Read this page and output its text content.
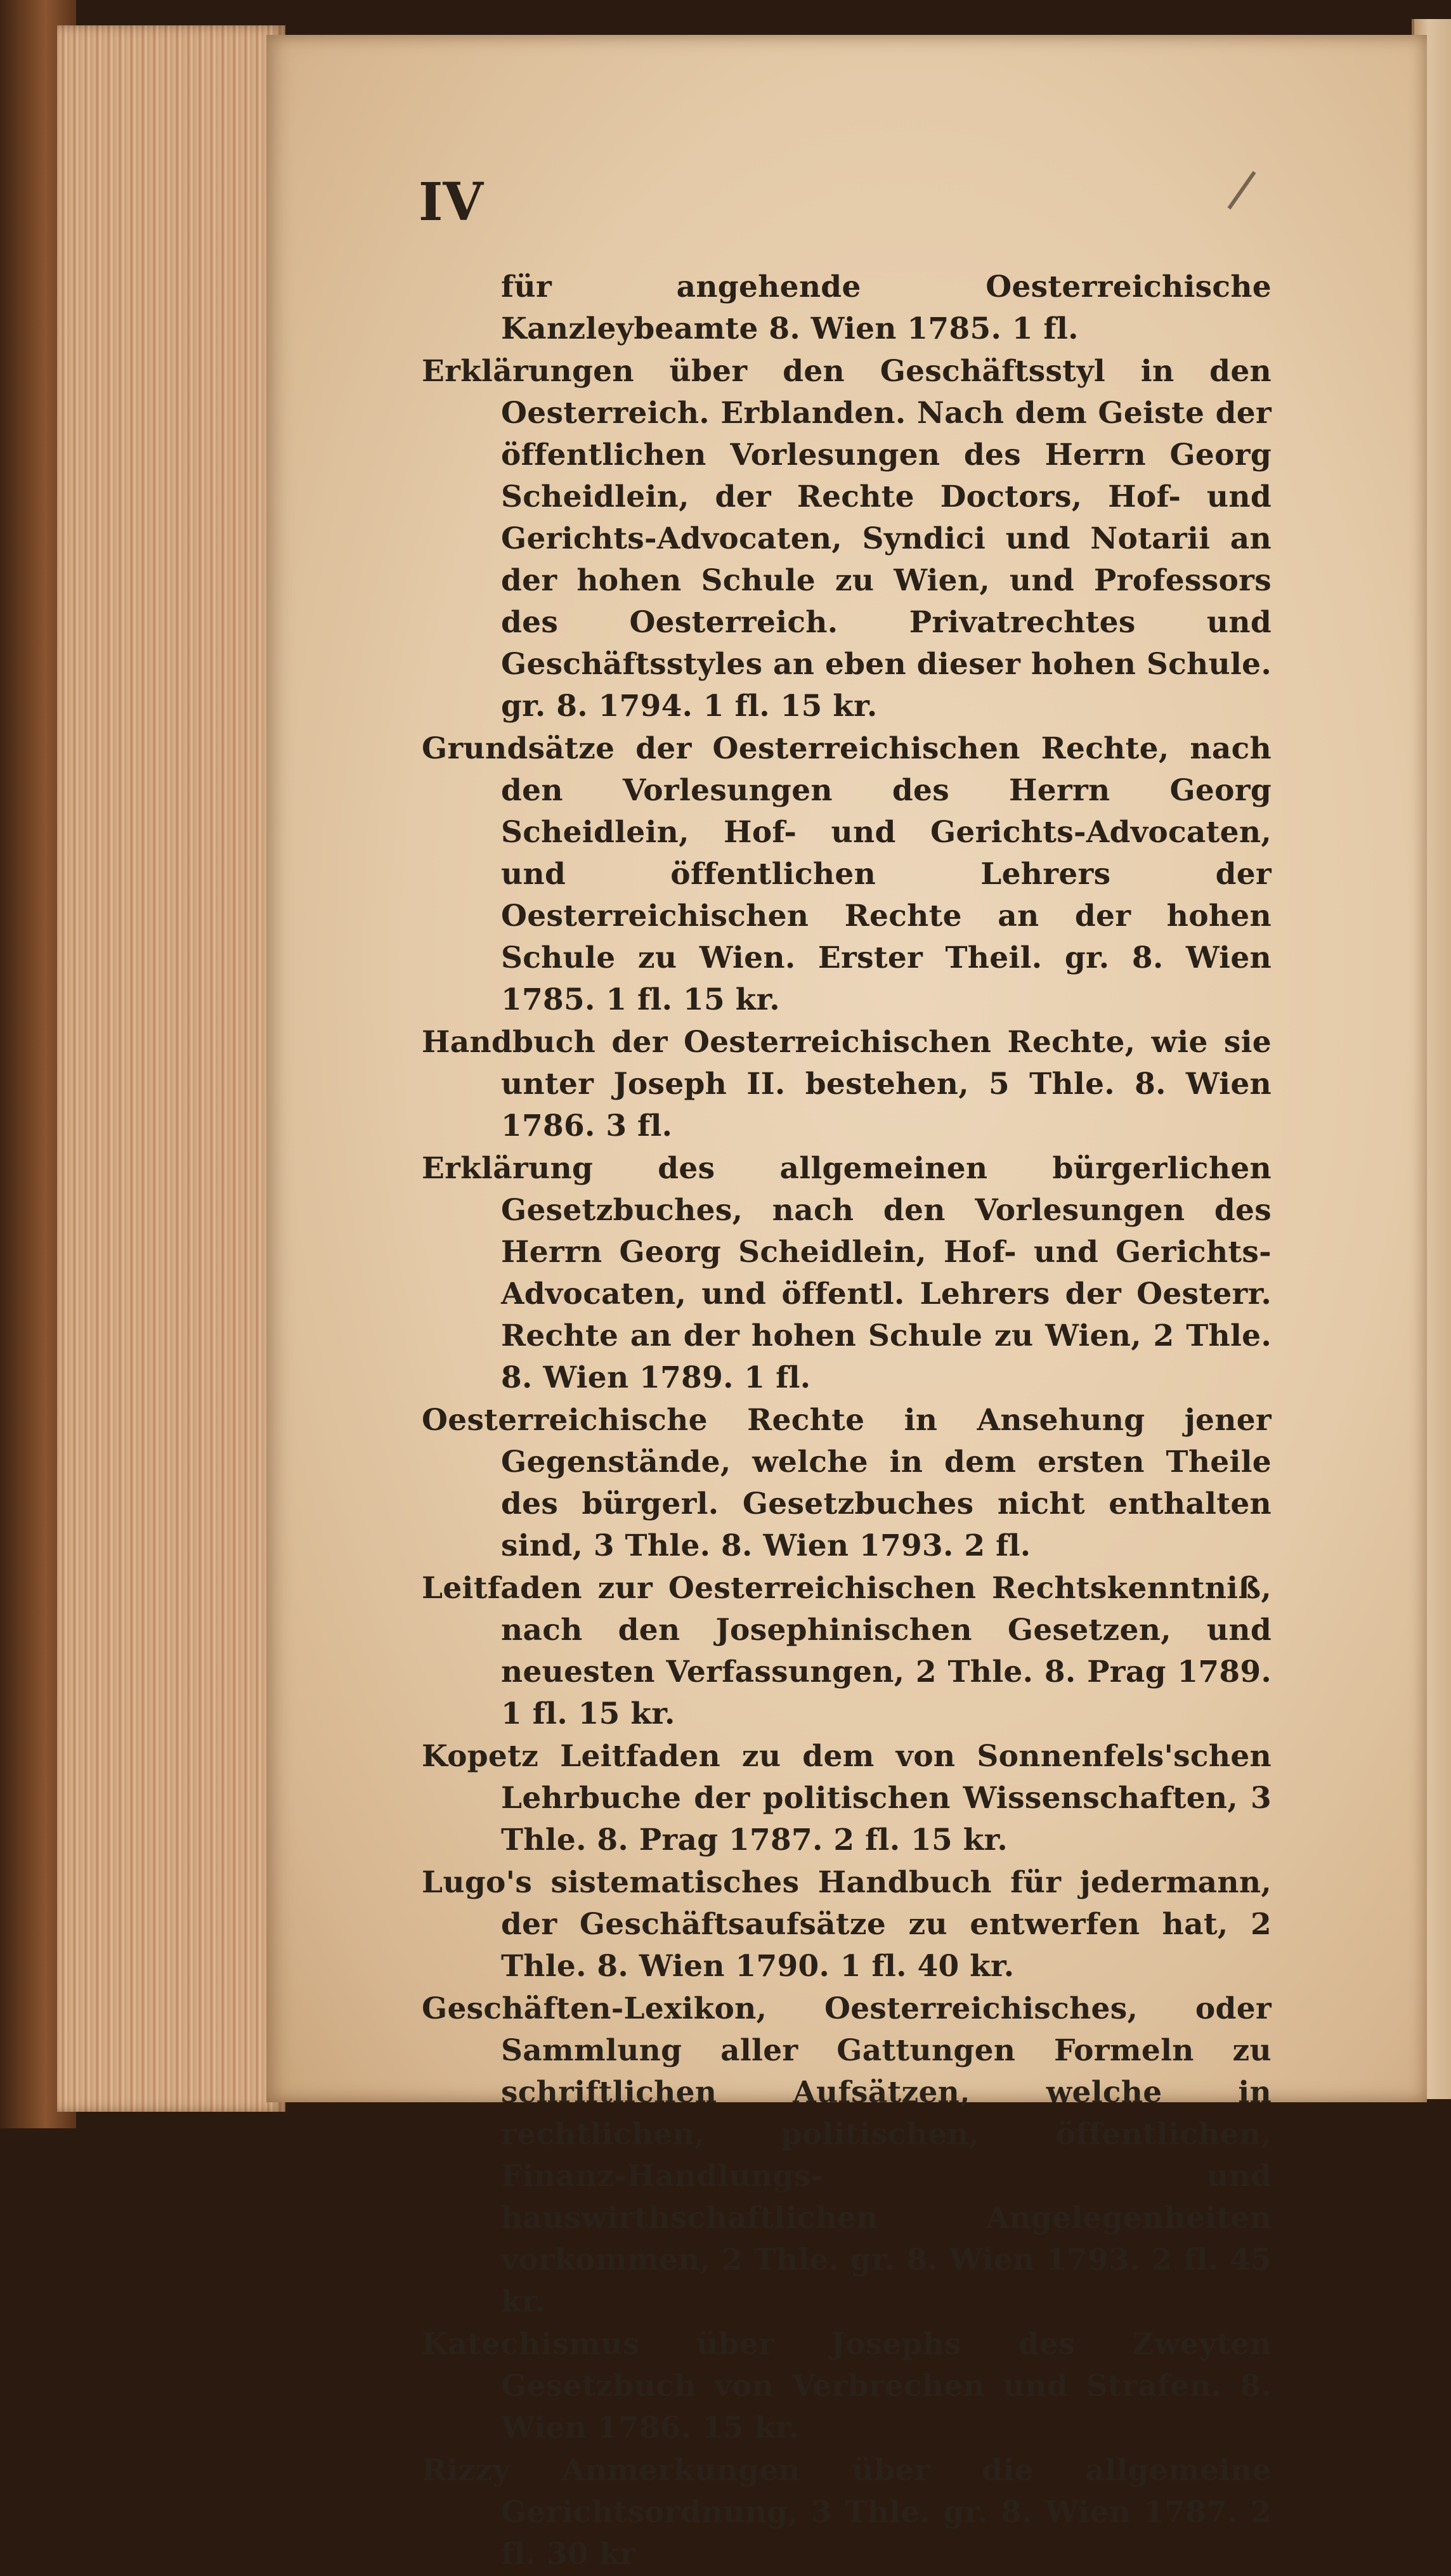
IV

für angehende Oesterreichische Kanzleybeamte 8. Wien 1785. 1 fl.

Erklärungen über den Geschäftsstyl in den Oesterreich. Erblanden. Nach dem Geiste der öffentlichen Vorlesungen des Herrn Georg Scheidlein, der Rechte Doctors, Hof- und Gerichts-Advocaten, Syndici und Notarii an der hohen Schule zu Wien, und Professors des Oesterreich. Privatrechtes und Geschäftsstyles an eben dieser hohen Schule. gr. 8. 1794. 1 fl. 15 kr.

Grundsätze der Oesterreichischen Rechte, nach den Vorlesungen des Herrn Georg Scheidlein, Hof- und Gerichts-Advocaten, und öffentlichen Lehrers der Oesterreichischen Rechte an der hohen Schule zu Wien. Erster Theil. gr. 8. Wien 1785. 1 fl. 15 kr.

Handbuch der Oesterreichischen Rechte, wie sie unter Joseph II. bestehen, 5 Thle. 8. Wien 1786. 3 fl.

Erklärung des allgemeinen bürgerlichen Gesetzbuches, nach den Vorlesungen des Herrn Georg Scheidlein, Hof- und Gerichts-Advocaten, und öffentl. Lehrers der Oesterr. Rechte an der hohen Schule zu Wien, 2 Thle. 8. Wien 1789. 1 fl.

Oesterreichische Rechte in Ansehung jener Gegenstände, welche in dem ersten Theile des bürgerl. Gesetzbuches nicht enthalten sind, 3 Thle. 8. Wien 1793. 2 fl.

Leitfaden zur Oesterreichischen Rechtskenntniß, nach den Josephinischen Gesetzen, und neuesten Verfassungen, 2 Thle. 8. Prag 1789. 1 fl. 15 kr.

Kopetz Leitfaden zu dem von Sonnenfels'schen Lehrbuche der politischen Wissenschaften, 3 Thle. 8. Prag 1787. 2 fl. 15 kr.

Lugo's sistematisches Handbuch für jedermann, der Geschäftsaufsätze zu entwerfen hat, 2 Thle. 8. Wien 1790. 1 fl. 40 kr.

Geschäften-Lexikon, Oesterreichisches, oder Sammlung aller Gattungen Formeln zu schriftlichen Aufsätzen, welche in rechtlichen, politischen, öffentlichen, Finanz-Handlungs- und hauswirthschaftlichen Angelegenheiten vorkommen, 2 Thle. gr. 8. Wien 1793. 2 fl. 45 kr.

Katechismus über Josephs des Zweyten Gesetzbuch von Verbrechen und Strafen. 8. Wien 1786. 15 kr.

Rizzy Anmerkungen über die allgemeine Gerichtsordnung, 3 Thle. gr. 8. Wien 1787. 2 fl. 30 kr
